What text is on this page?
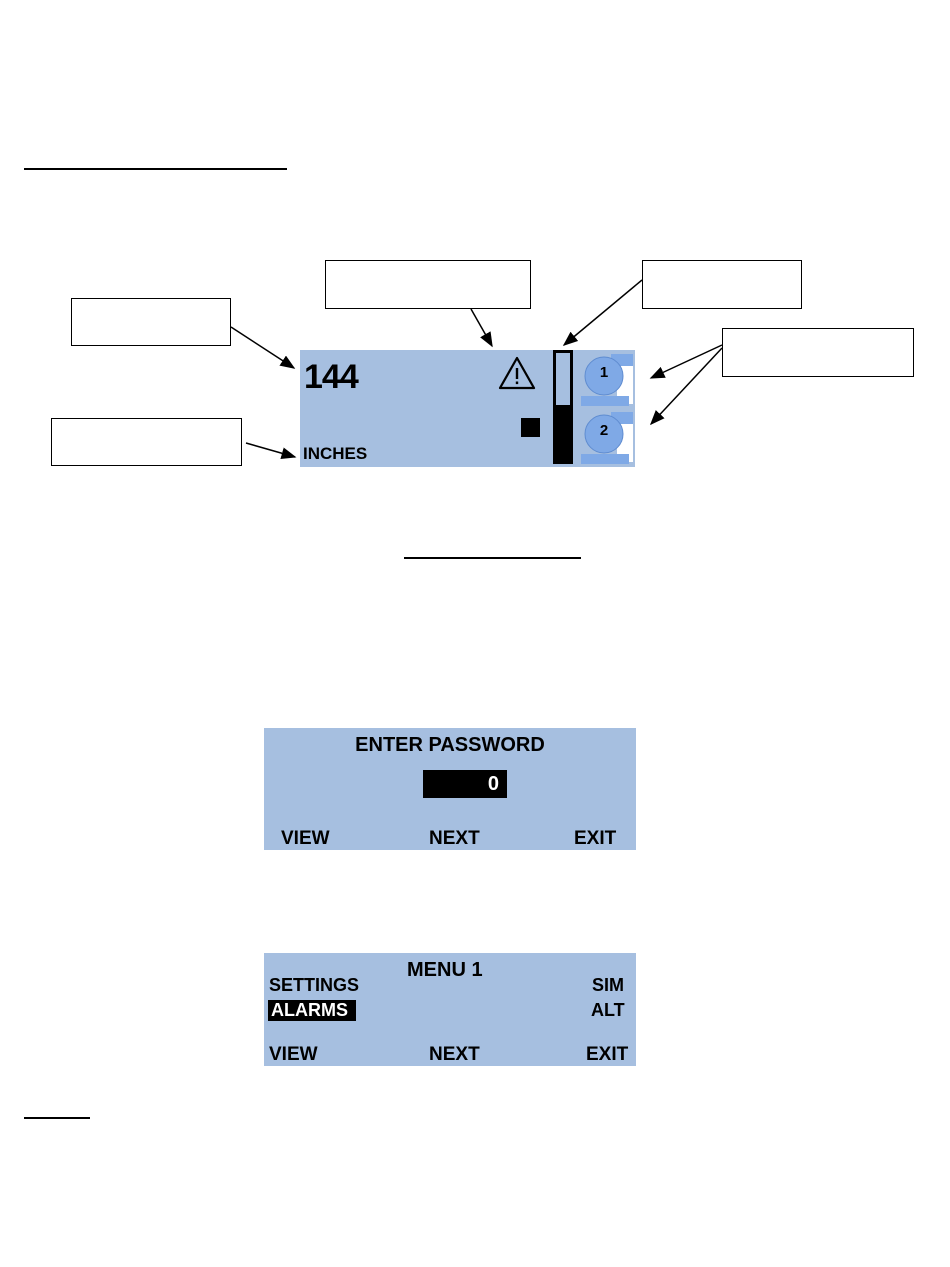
144
INCHES
1
2
ENTER PASSWORD
0
VIEW	NEXT	EXIT
MENU 1
SETTINGS	SIM
ALARMS	ALT
VIEW	NEXT	EXIT
